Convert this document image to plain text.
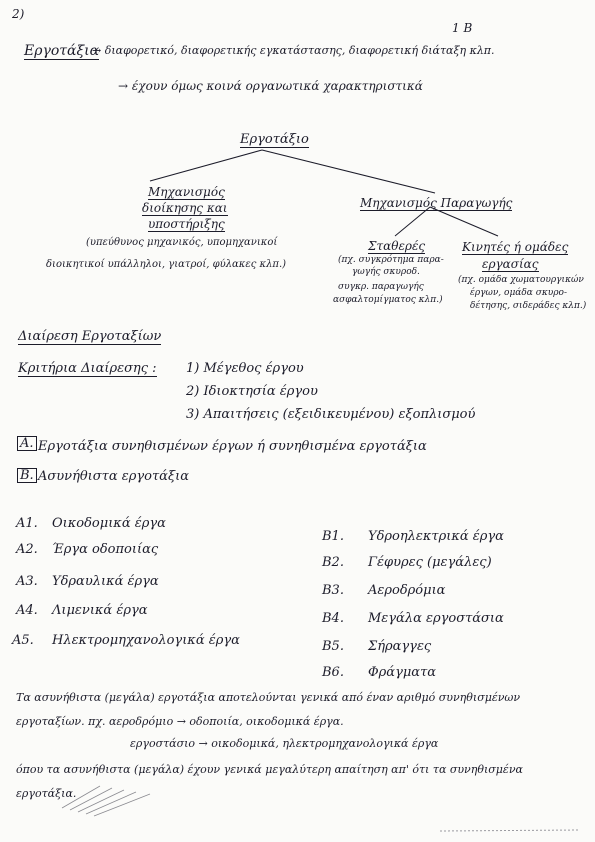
2)
1 B
Εργοτάξια
→ διαφορετικό, διαφορετικής εγκατάστασης, διαφορετική διάταξη κλπ.
→ έχουν όμως κοινά οργανωτικά χαρακτηριστικά
Εργοτάξιο
Μηχανισμός
διοίκησης και
υποστήριξης
(υπεύθυνος μηχανικός, υπομηχανικοί
διοικητικοί υπάλληλοι, γιατροί, φύλακες κλπ.)
Μηχανισμός Παραγωγής
Σταθερές
(πχ. συγκρότημα παρα-
γωγής σκυροδ.
συγκρ. παραγωγής
ασφαλτομίγματος κλπ.)
Κινητές ή ομάδες
εργασίας
(πχ. ομάδα χωματουργικών
έργων, ομάδα σκυρο-
δέτησης, σιδεράδες κλπ.)
Διαίρεση Εργοταξίων
Κριτήρια Διαίρεσης : 1) Μέγεθος έργου
2) Ιδιοκτησία έργου
3) Απαιτήσεις (εξειδικευμένου) εξοπλισμού
A. Εργοτάξια συνηθισμένων έργων ή συνηθισμένα εργοτάξια
B. Ασυνήθιστα εργοτάξια
Α1. Οικοδομικά έργα
Α2. Έργα οδοποιίας
Α3. Υδραυλικά έργα
Α4. Λιμενικά έργα
Α5. Ηλεκτρομηχανολογικά έργα
Β1. Υδροηλεκτρικά έργα
Β2. Γέφυρες (μεγάλες)
Β3. Αεροδρόμια
Β4. Μεγάλα εργοστάσια
Β5. Σήραγγες
Β6. Φράγματα
Τα ασυνήθιστα (μεγάλα) εργοτάξια αποτελούνται γενικά από έναν αριθμό συνηθισμένων
εργοταξίων. πχ. αεροδρόμιο → οδοποιία, οικοδομικά έργα.
εργοστάσιο → οικοδομικά, ηλεκτρομηχανολογικά έργα
όπου τα ασυνήθιστα (μεγάλα) έχουν γενικά μεγαλύτερη απαίτηση απ' ότι τα συνηθισμένα
εργοτάξια.
